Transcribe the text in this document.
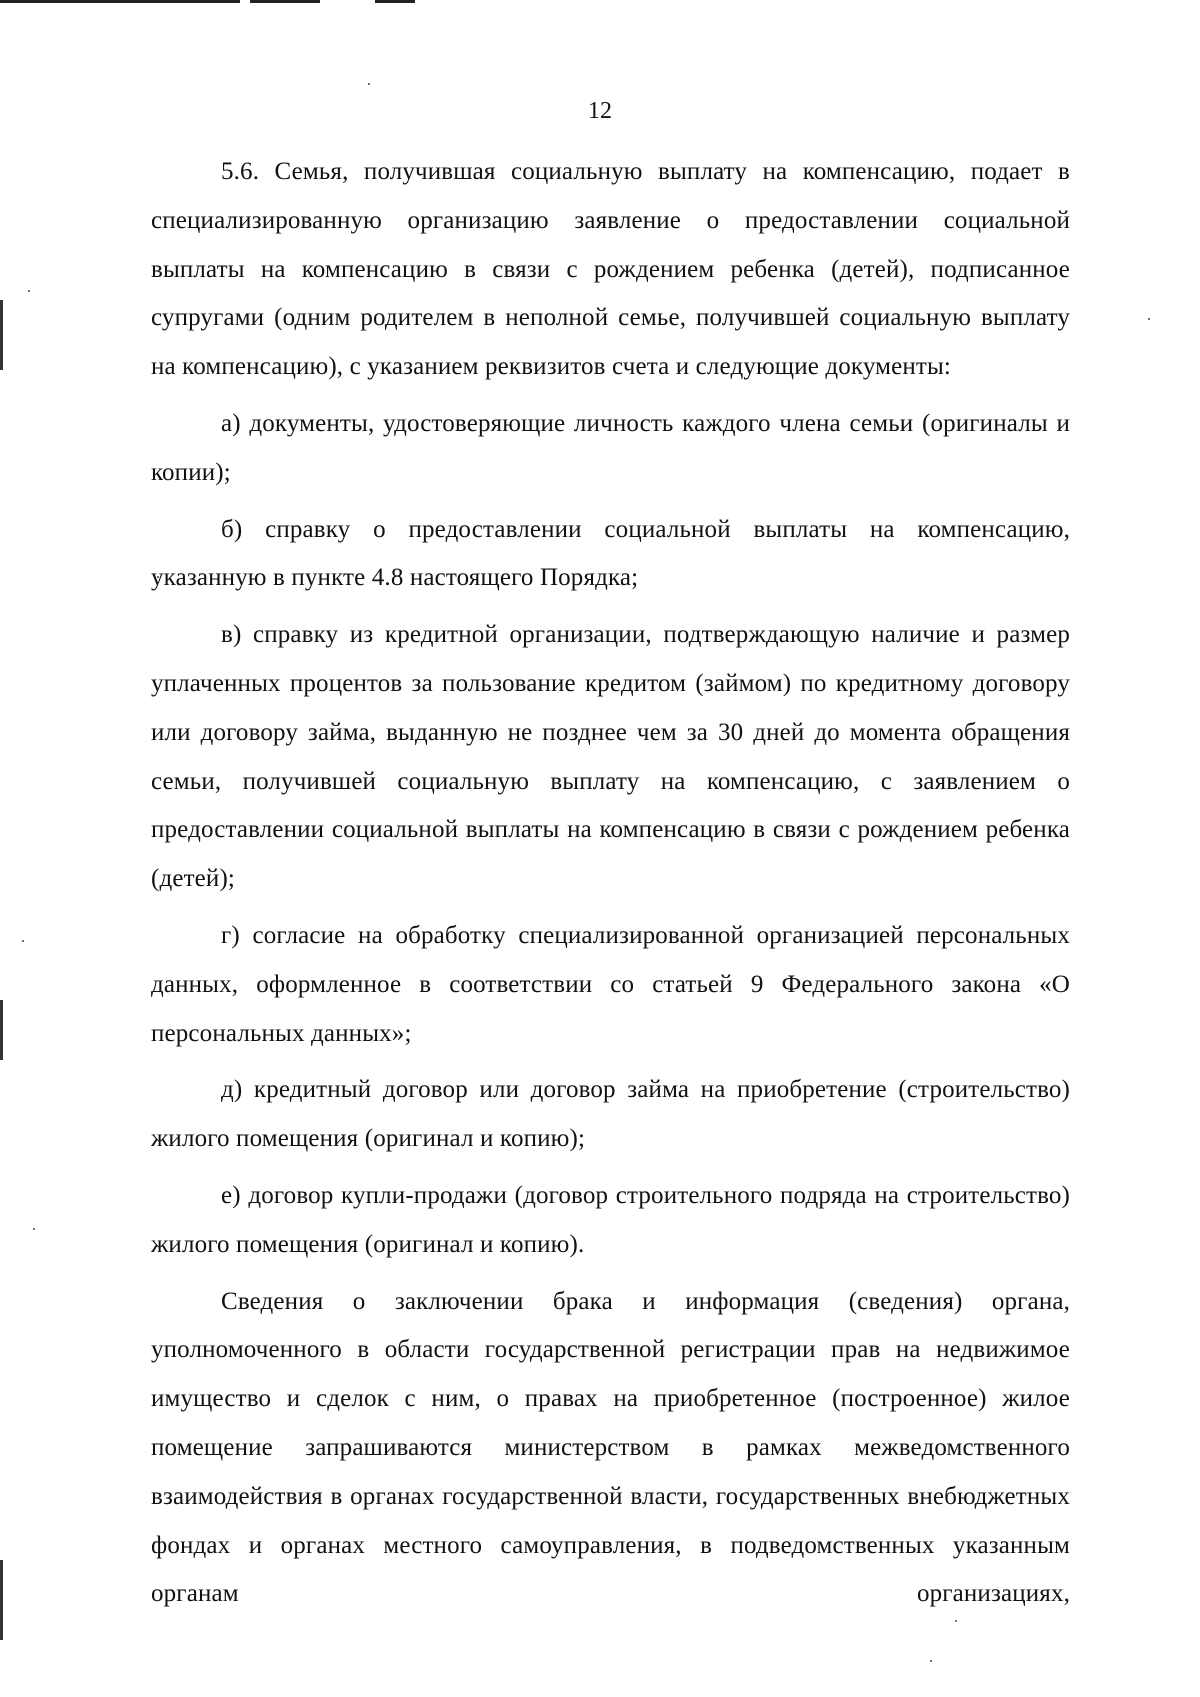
12

5.6. Семья, получившая социальную выплату на компенсацию, подает в специализированную организацию заявление о предоставлении социальной выплаты на компенсацию в связи с рождением ребенка (детей), подписанное супругами (одним родителем в неполной семье, получившей социальную выплату на компенсацию), с указанием реквизитов счета и следующие документы:

а) документы, удостоверяющие личность каждого члена семьи (оригиналы и копии);

б) справку о предоставлении социальной выплаты на компенсацию, указанную в пункте 4.8 настоящего Порядка;

в) справку из кредитной организации, подтверждающую наличие и размер уплаченных процентов за пользование кредитом (займом) по кредитному договору или договору займа, выданную не позднее чем за 30 дней до момента обращения семьи, получившей социальную выплату на компенсацию, с заявлением о предоставлении социальной выплаты на компенсацию в связи с рождением ребенка (детей);

г) согласие на обработку специализированной организацией персональных данных, оформленное в соответствии со статьей 9 Федерального закона «О персональных данных»;

д) кредитный договор или договор займа на приобретение (строительство) жилого помещения (оригинал и копию);

е) договор купли-продажи (договор строительного подряда на строительство) жилого помещения (оригинал и копию).

Сведения о заключении брака и информация (сведения) органа, уполномоченного в области государственной регистрации прав на недвижимое имущество и сделок с ним, о правах на приобретенное (построенное) жилое помещение запрашиваются министерством в рамках межведомственного взаимодействия в органах государственной власти, государственных внебюджетных фондах и органах местного самоуправления, в подведомственных указанным органам организациях,
